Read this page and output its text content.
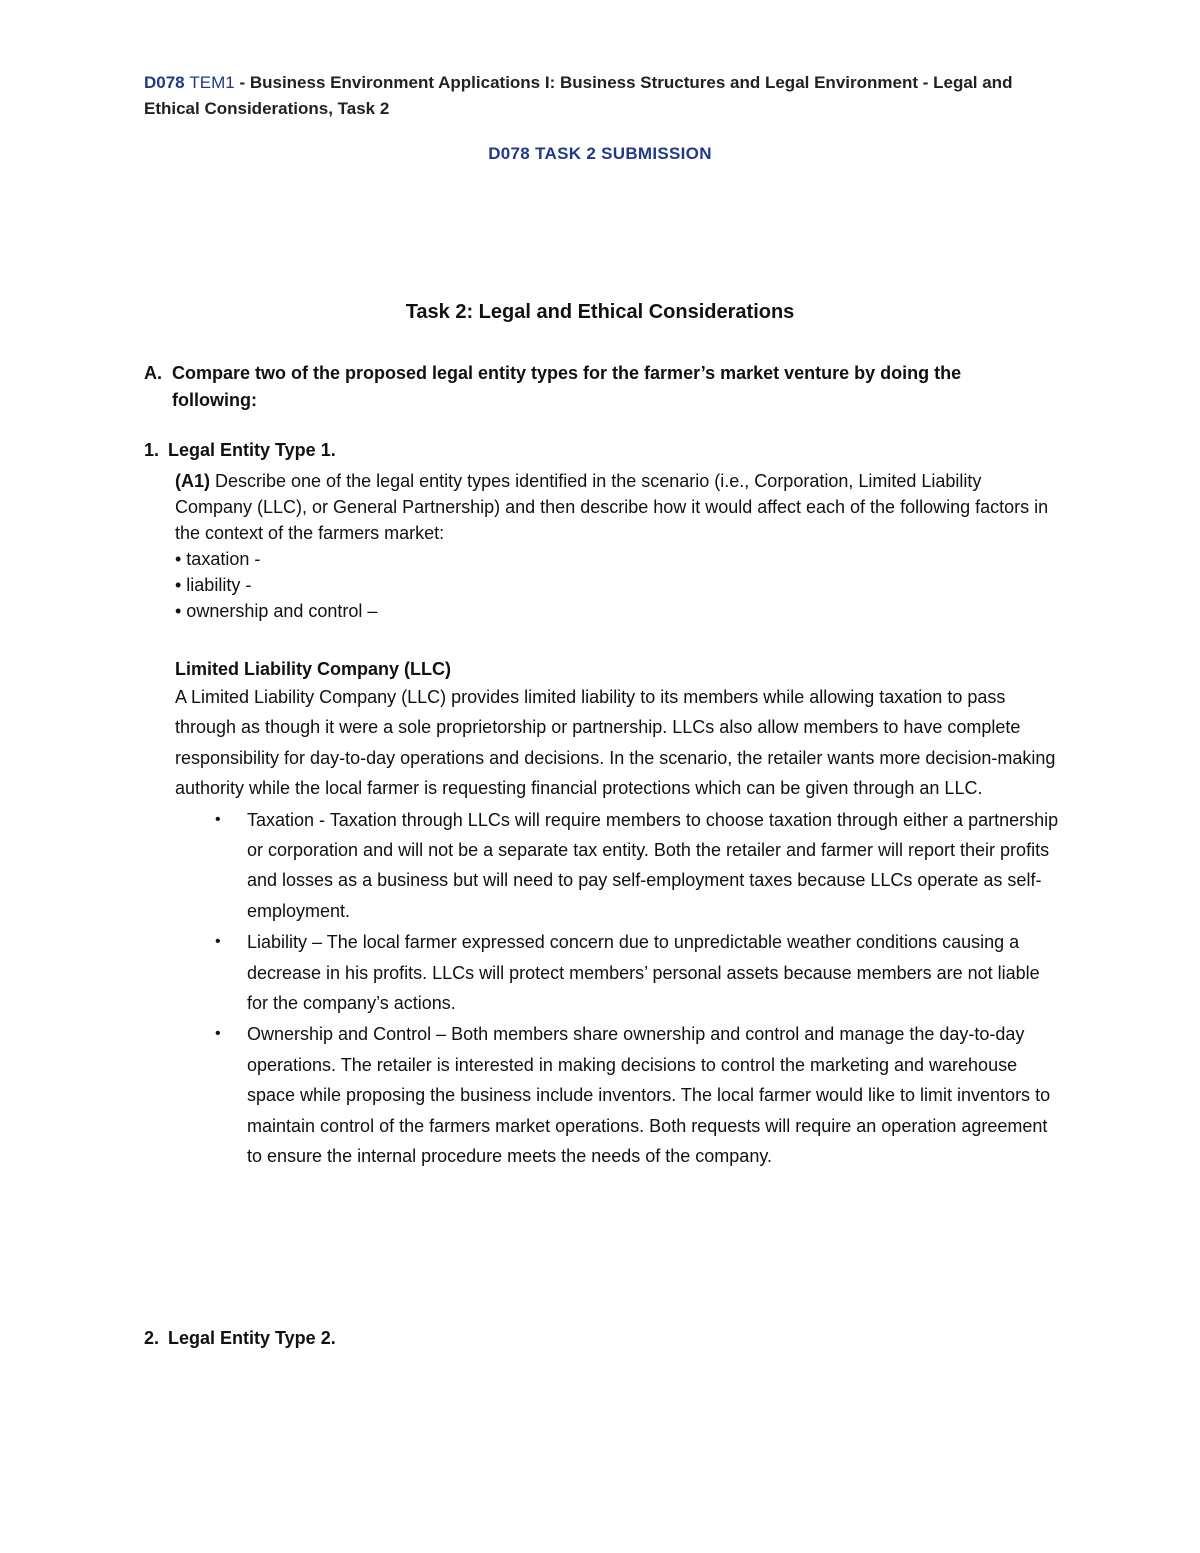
D078 TEM1 - Business Environment Applications I: Business Structures and Legal Environment - Legal and Ethical Considerations, Task 2
D078 TASK 2 SUBMISSION
Task 2: Legal and Ethical Considerations
A. Compare two of the proposed legal entity types for the farmer’s market venture by doing the following:
1. Legal Entity Type 1.
(A1) Describe one of the legal entity types identified in the scenario (i.e., Corporation, Limited Liability Company (LLC), or General Partnership) and then describe how it would affect each of the following factors in the context of the farmers market:
• taxation -
• liability -
• ownership and control –
Limited Liability Company (LLC)

A Limited Liability Company (LLC) provides limited liability to its members while allowing taxation to pass through as though it were a sole proprietorship or partnership. LLCs also allow members to have complete responsibility for day-to-day operations and decisions. In the scenario, the retailer wants more decision-making authority while the local farmer is requesting financial protections which can be given through an LLC.

• Taxation - Taxation through LLCs will require members to choose taxation through either a partnership or corporation and will not be a separate tax entity. Both the retailer and farmer will report their profits and losses as a business but will need to pay self-employment taxes because LLCs operate as self-employment.
• Liability – The local farmer expressed concern due to unpredictable weather conditions causing a decrease in his profits. LLCs will protect members’ personal assets because members are not liable for the company’s actions.
• Ownership and Control – Both members share ownership and control and manage the day-to-day operations. The retailer is interested in making decisions to control the marketing and warehouse space while proposing the business include inventors. The local farmer would like to limit inventors to maintain control of the farmers market operations. Both requests will require an operation agreement to ensure the internal procedure meets the needs of the company.
2. Legal Entity Type 2.
